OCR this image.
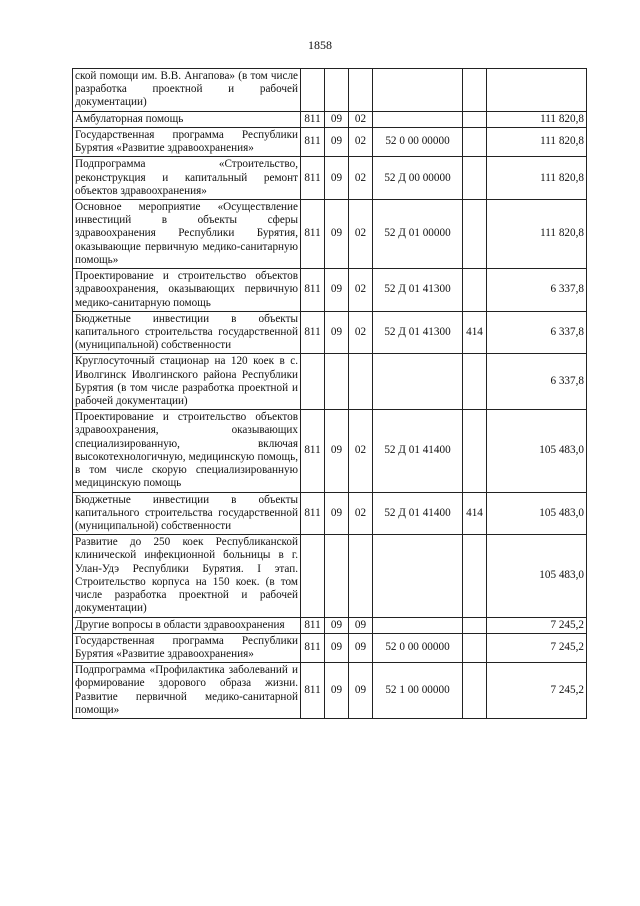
1858
ской помощи им. В.В. Ангапова» (в том числе разработка проектной и рабочей документации)						
Амбулаторная помощь	811	09	02			111 820,8
Государственная программа Республики Бурятия «Развитие здравоохранения»	811	09	02	52 0 00 00000		111 820,8
Подпрограмма «Строительство, реконструкция и капитальный ремонт объектов здравоохранения»	811	09	02	52 Д 00 00000		111 820,8
Основное мероприятие «Осуществление инвестиций в объекты сферы здравоохранения Республики Бурятия, оказывающие первичную медико-санитарную помощь»	811	09	02	52 Д 01 00000		111 820,8
Проектирование и строительство объектов здравоохранения, оказывающих первичную медико-санитарную помощь	811	09	02	52 Д 01 41300		6 337,8
Бюджетные инвестиции в объекты капитального строительства государственной (муниципальной) собственности	811	09	02	52 Д 01 41300	414	6 337,8
Круглосуточный стационар на 120 коек в с. Иволгинск Иволгинского района Республики Бурятия (в том числе разработка проектной и рабочей документации)						6 337,8
Проектирование и строительство объектов здравоохранения, оказывающих специализированную, включая высокотехнологичную, медицинскую помощь, в том числе скорую специализированную медицинскую помощь	811	09	02	52 Д 01 41400		105 483,0
Бюджетные инвестиции в объекты капитального строительства государственной (муниципальной) собственности	811	09	02	52 Д 01 41400	414	105 483,0
Развитие до 250 коек Республиканской клинической инфекционной больницы в г. Улан-Удэ Республики Бурятия. I этап. Строительство корпуса на 150 коек. (в том числе разработка проектной и рабочей документации)						105 483,0
Другие вопросы в области здравоохранения	811	09	09			7 245,2
Государственная программа Республики Бурятия «Развитие здравоохранения»	811	09	09	52 0 00 00000		7 245,2
Подпрограмма «Профилактика заболеваний и формирование здорового образа жизни. Развитие первичной медико-санитарной помощи»	811	09	09	52 1 00 00000		7 245,2
